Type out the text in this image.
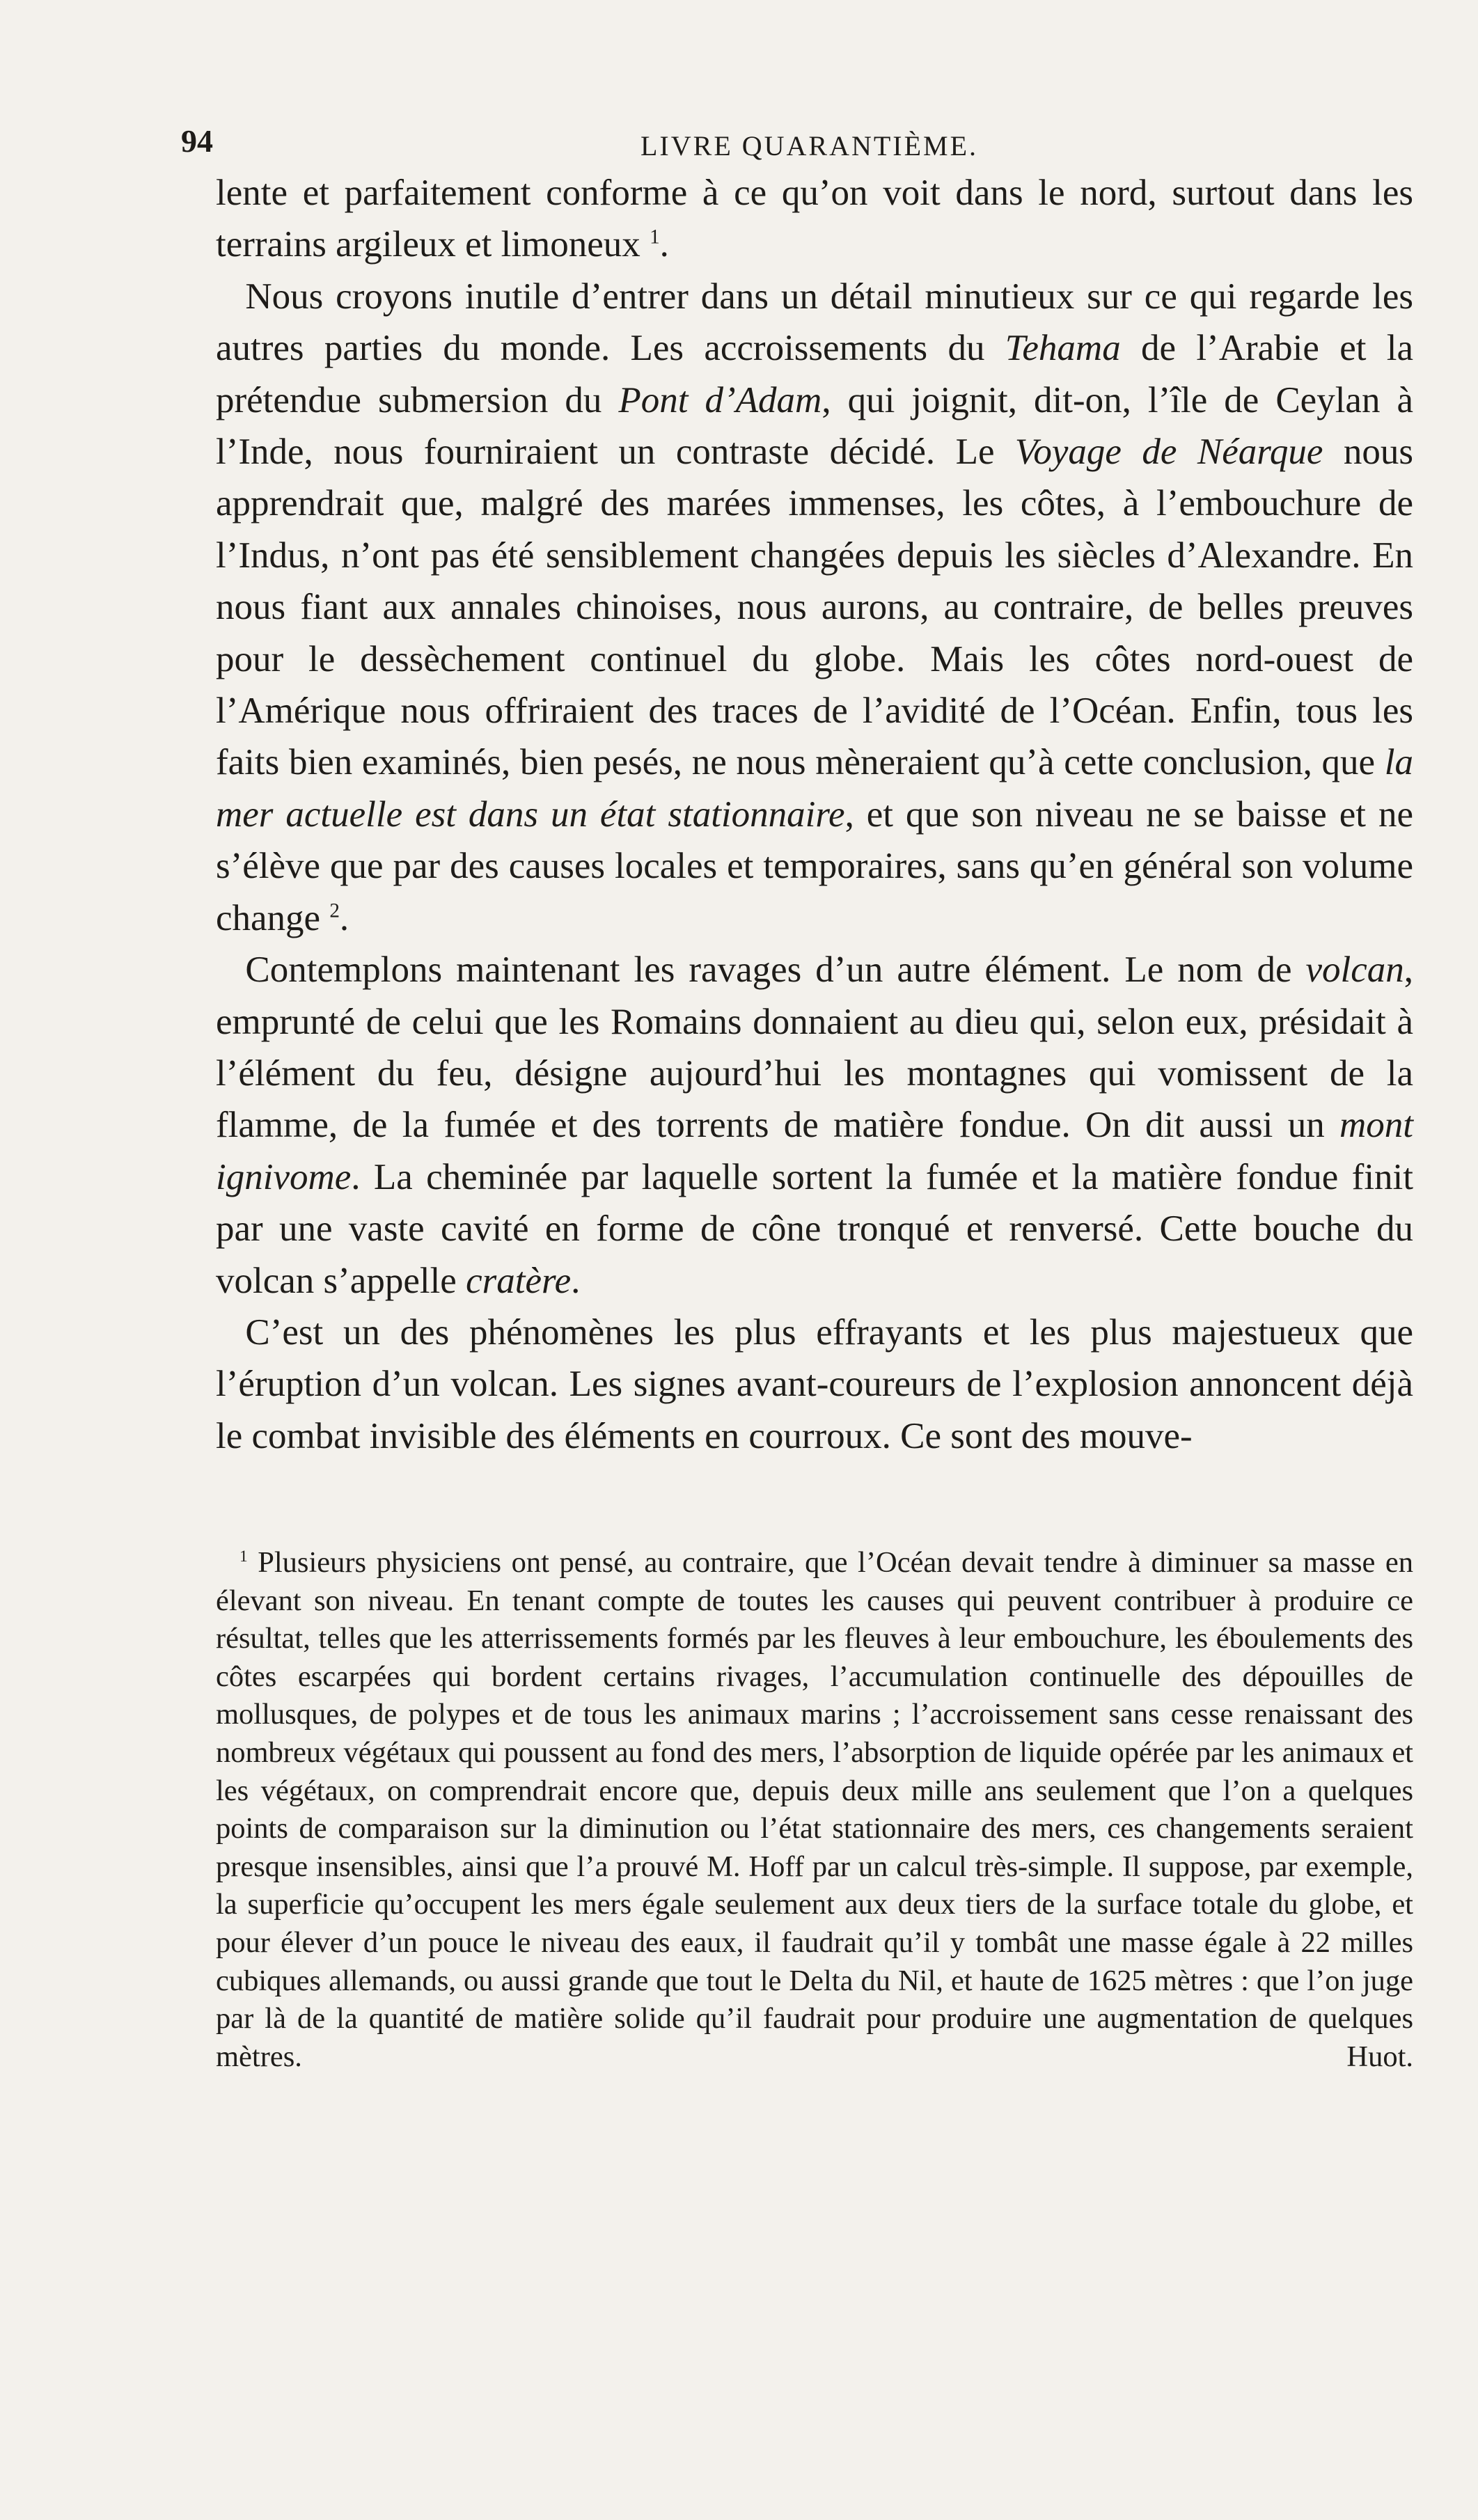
94	LIVRE QUARANTIÈME.

lente et parfaitement conforme à ce qu’on voit dans le nord, surtout dans les terrains argileux et limoneux $^1$.

Nous croyons inutile d’entrer dans un détail minutieux sur ce qui regarde les autres parties du monde. Les accroissements du Tehama de l’Arabie et la prétendue submersion du Pont d’Adam, qui joignit, dit-on, l’île de Ceylan à l’Inde, nous fourniraient un contraste décidé. Le Voyage de Néarque nous apprendrait que, malgré des marées immenses, les côtes, à l’embouchure de l’Indus, n’ont pas été sensiblement changées depuis les siècles d’Alexandre. En nous fiant aux annales chinoises, nous aurons, au contraire, de belles preuves pour le dessèchement continuel du globe. Mais les côtes nord-ouest de l’Amérique nous offriraient des traces de l’avidité de l’Océan. Enfin, tous les faits bien examinés, bien pesés, ne nous mèneraient qu’à cette conclusion, que la mer actuelle est dans un état stationnaire, et que son niveau ne se baisse et ne s’élève que par des causes locales et temporaires, sans qu’en général son volume change $^2$.

Contemplons maintenant les ravages d’un autre élément. Le nom de volcan, emprunté de celui que les Romains donnaient au dieu qui, selon eux, présidait à l’élément du feu, désigne aujourd’hui les montagnes qui vomissent de la flamme, de la fumée et des torrents de matière fondue. On dit aussi un mont ignivome. La cheminée par laquelle sortent la fumée et la matière fondue finit par une vaste cavité en forme de cône tronqué et renversé. Cette bouche du volcan s’appelle cratère.

C’est un des phénomènes les plus effrayants et les plus majestueux que l’éruption d’un volcan. Les signes avant-coureurs de l’explosion annoncent déjà le combat invisible des éléments en courroux. Ce sont des mouve-

$^1$ Plusieurs physiciens ont pensé, au contraire, que l’Océan devait tendre à diminuer sa masse en élevant son niveau. En tenant compte de toutes les causes qui peuvent contribuer à produire ce résultat, telles que les atterrissements formés par les fleuves à leur embouchure, les éboulements des côtes escarpées qui bordent certains rivages, l’accumulation continuelle des dépouilles de mollusques, de polypes et de tous les animaux marins ; l’accroissement sans cesse renaissant des nombreux végétaux qui poussent au fond des mers, l’absorption de liquide opérée par les animaux et les végétaux, on comprendrait encore que, depuis deux mille ans seulement que l’on a quelques points de comparaison sur la diminution ou l’état stationnaire des mers, ces changements seraient presque insensibles, ainsi que l’a prouvé M. Hoff par un calcul très-simple. Il suppose, par exemple, la superficie qu’occupent les mers égale seulement aux deux tiers de la surface totale du globe, et pour élever d’un pouce le niveau des eaux, il faudrait qu’il y tombât une masse égale à 22 milles cubiques allemands, ou aussi grande que tout le Delta du Nil, et haute de 1625 mètres : que l’on juge par là de la quantité de matière solide qu’il faudrait pour produire une augmentation de quelques mètres.	Huot.
